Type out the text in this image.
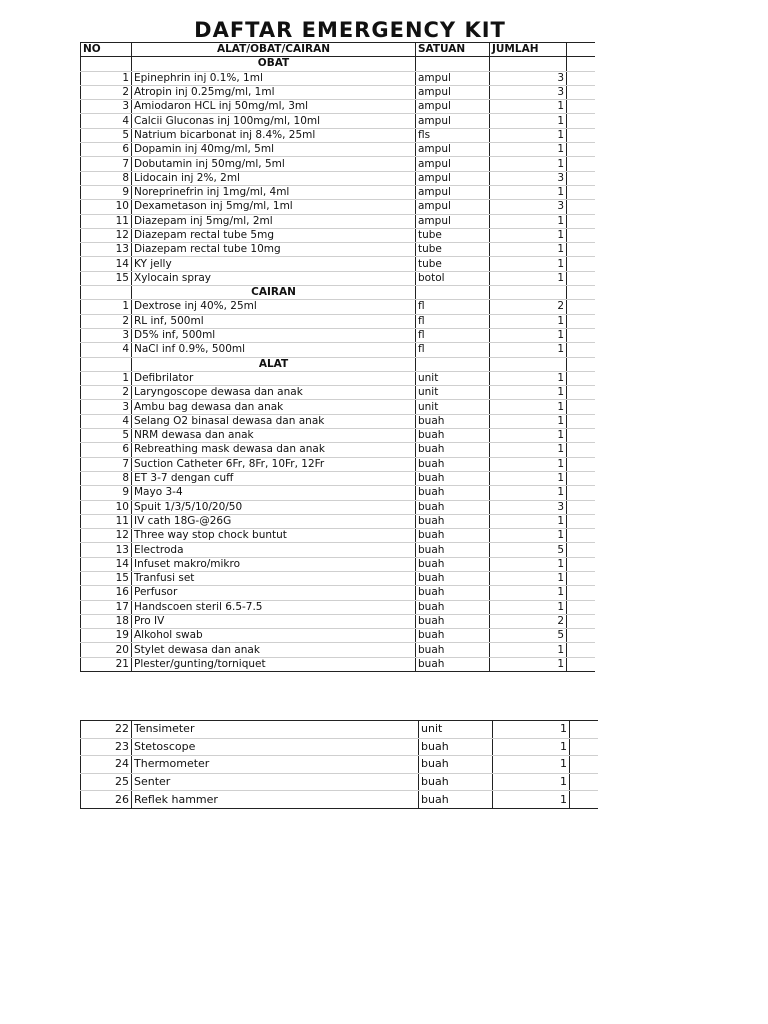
DAFTAR EMERGENCY KIT
NO	ALAT/OBAT/CAIRAN	SATUAN	JUMLAH	
	OBAT			
1	Epinephrin inj 0.1%, 1ml	ampul	3	
2	Atropin inj 0.25mg/ml, 1ml	ampul	3	
3	Amiodaron HCL inj 50mg/ml, 3ml	ampul	1	
4	Calcii Gluconas inj 100mg/ml, 10ml	ampul	1	
5	Natrium bicarbonat inj 8.4%, 25ml	fls	1	
6	Dopamin inj 40mg/ml, 5ml	ampul	1	
7	Dobutamin inj 50mg/ml, 5ml	ampul	1	
8	Lidocain inj 2%, 2ml	ampul	3	
9	Noreprinefrin inj 1mg/ml, 4ml	ampul	1	
10	Dexametason inj 5mg/ml, 1ml	ampul	3	
11	Diazepam inj 5mg/ml, 2ml	ampul	1	
12	Diazepam rectal tube 5mg	tube	1	
13	Diazepam rectal tube 10mg	tube	1	
14	KY jelly	tube	1	
15	Xylocain spray	botol	1	
	CAIRAN			
1	Dextrose inj 40%, 25ml	fl	2	
2	RL inf, 500ml	fl	1	
3	D5% inf, 500ml	fl	1	
4	NaCl inf 0.9%, 500ml	fl	1	
	ALAT			
1	Defibrilator	unit	1	
2	Laryngoscope dewasa dan anak	unit	1	
3	Ambu bag dewasa dan anak	unit	1	
4	Selang O2 binasal dewasa dan anak	buah	1	
5	NRM dewasa dan anak	buah	1	
6	Rebreathing mask dewasa dan anak	buah	1	
7	Suction Catheter 6Fr, 8Fr, 10Fr, 12Fr	buah	1	
8	ET 3-7 dengan cuff	buah	1	
9	Mayo 3-4	buah	1	
10	Spuit 1/3/5/10/20/50	buah	3	
11	IV cath 18G-@26G	buah	1	
12	Three way stop chock buntut	buah	1	
13	Electroda	buah	5	
14	Infuset makro/mikro	buah	1	
15	Tranfusi set	buah	1	
16	Perfusor	buah	1	
17	Handscoen steril 6.5-7.5	buah	1	
18	Pro IV	buah	2	
19	Alkohol swab	buah	5	
20	Stylet dewasa dan anak	buah	1	
21	Plester/gunting/torniquet	buah	1	
22	Tensimeter	unit	1	
23	Stetoscope	buah	1	
24	Thermometer	buah	1	
25	Senter	buah	1	
26	Reflek hammer	buah	1	
